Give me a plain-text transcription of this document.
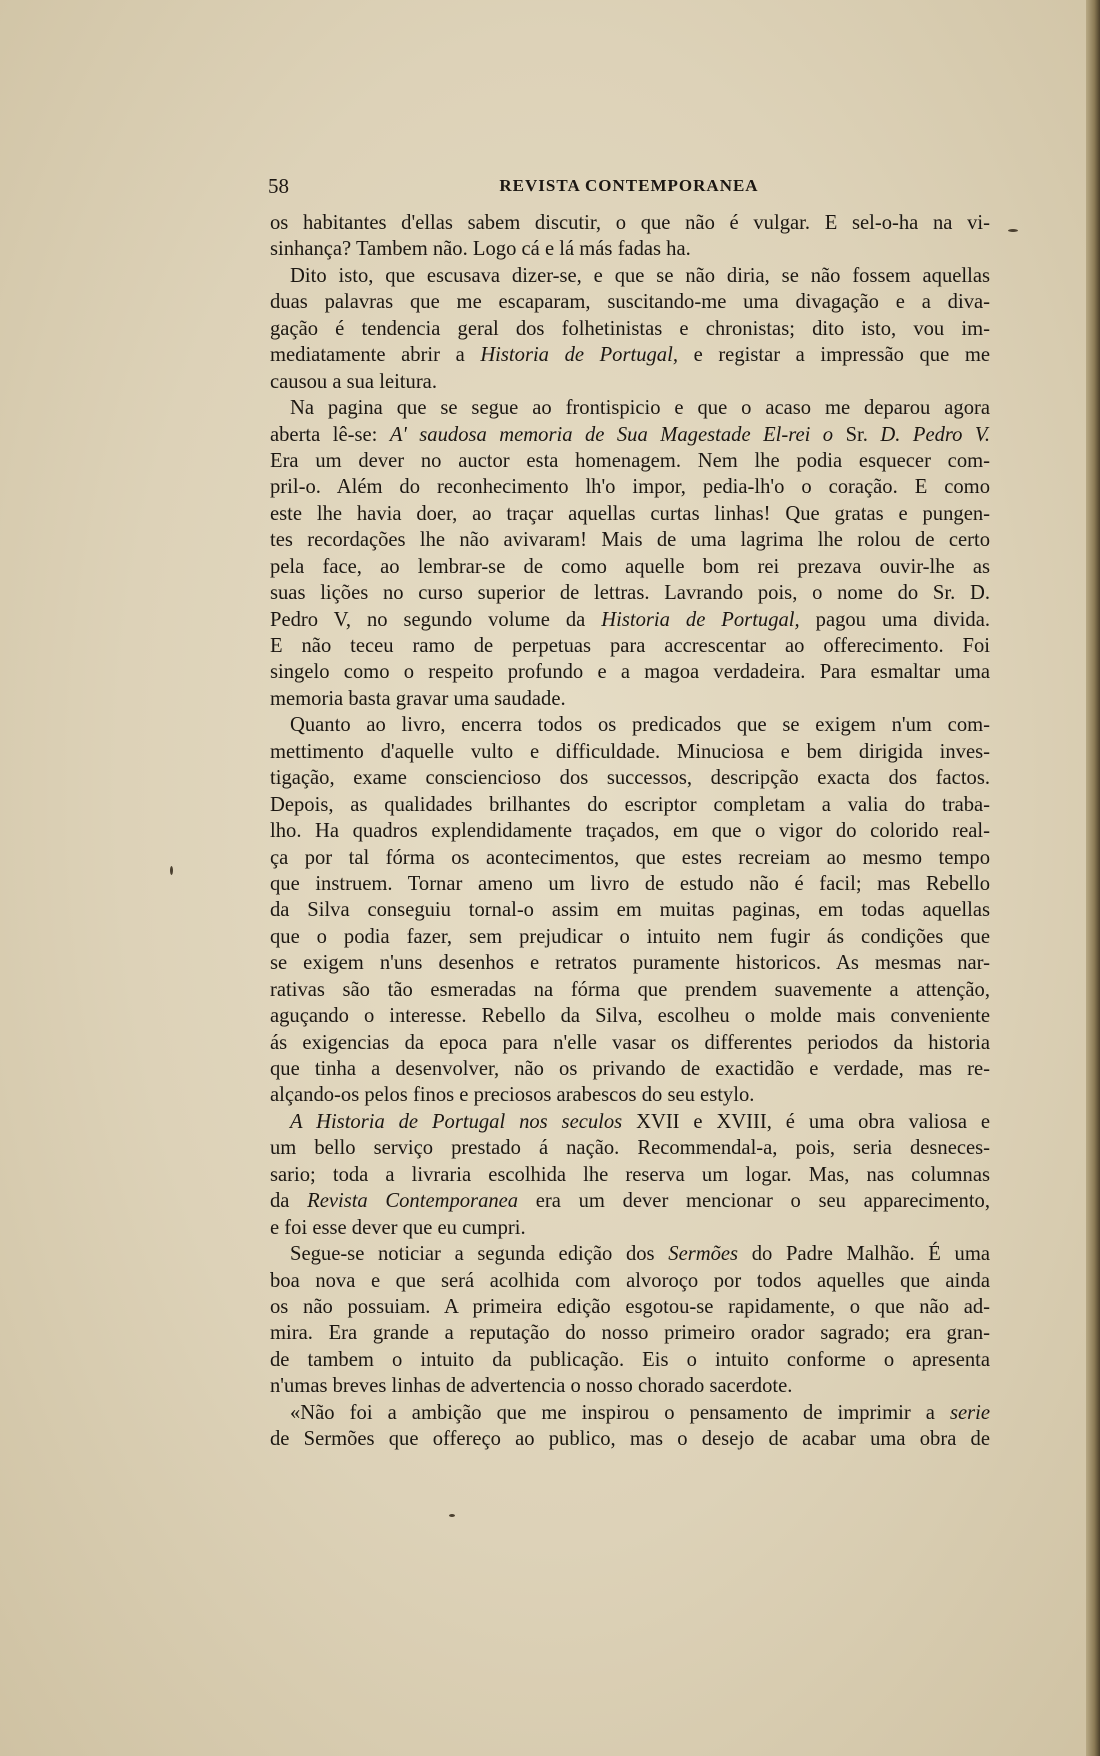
58	REVISTA CONTEMPORANEA
os habitantes d'ellas sabem discutir, o que não é vulgar. E sel-o-ha na vi-
sinhança? Tambem não. Logo cá e lá más fadas ha.
Dito isto, que escusava dizer-se, e que se não diria, se não fossem aquellas
duas palavras que me escaparam, suscitando-me uma divagação e a diva-
gação é tendencia geral dos folhetinistas e chronistas; dito isto, vou im-
mediatamente abrir a Historia de Portugal, e registar a impressão que me
causou a sua leitura.
Na pagina que se segue ao frontispicio e que o acaso me deparou agora
aberta lê-se: A' saudosa memoria de Sua Magestade El-rei o Sr. D. Pedro V.
Era um dever no auctor esta homenagem. Nem lhe podia esquecer com-
pril-o. Além do reconhecimento lh'o impor, pedia-lh'o o coração. E como
este lhe havia doer, ao traçar aquellas curtas linhas! Que gratas e pungen-
tes recordações lhe não avivaram! Mais de uma lagrima lhe rolou de certo
pela face, ao lembrar-se de como aquelle bom rei prezava ouvir-lhe as
suas lições no curso superior de lettras. Lavrando pois, o nome do Sr. D.
Pedro V, no segundo volume da Historia de Portugal, pagou uma divida.
E não teceu ramo de perpetuas para accrescentar ao offerecimento. Foi
singelo como o respeito profundo e a magoa verdadeira. Para esmaltar uma
memoria basta gravar uma saudade.
Quanto ao livro, encerra todos os predicados que se exigem n'um com-
mettimento d'aquelle vulto e difficuldade. Minuciosa e bem dirigida inves-
tigação, exame consciencioso dos successos, descripção exacta dos factos.
Depois, as qualidades brilhantes do escriptor completam a valia do traba-
lho. Ha quadros explendidamente traçados, em que o vigor do colorido real-
ça por tal fórma os acontecimentos, que estes recreiam ao mesmo tempo
que instruem. Tornar ameno um livro de estudo não é facil; mas Rebello
da Silva conseguiu tornal-o assim em muitas paginas, em todas aquellas
que o podia fazer, sem prejudicar o intuito nem fugir ás condições que
se exigem n'uns desenhos e retratos puramente historicos. As mesmas nar-
rativas são tão esmeradas na fórma que prendem suavemente a attenção,
aguçando o interesse. Rebello da Silva, escolheu o molde mais conveniente
ás exigencias da epoca para n'elle vasar os differentes periodos da historia
que tinha a desenvolver, não os privando de exactidão e verdade, mas re-
alçando-os pelos finos e preciosos arabescos do seu estylo.
A Historia de Portugal nos seculos XVII e XVIII, é uma obra valiosa e
um bello serviço prestado á nação. Recommendal-a, pois, seria desneces-
sario; toda a livraria escolhida lhe reserva um logar. Mas, nas columnas
da Revista Contemporanea era um dever mencionar o seu apparecimento,
e foi esse dever que eu cumpri.
Segue-se noticiar a segunda edição dos Sermões do Padre Malhão. É uma
boa nova e que será acolhida com alvoroço por todos aquelles que ainda
os não possuiam. A primeira edição esgotou-se rapidamente, o que não ad-
mira. Era grande a reputação do nosso primeiro orador sagrado; era gran-
de tambem o intuito da publicação. Eis o intuito conforme o apresenta
n'umas breves linhas de advertencia o nosso chorado sacerdote.
«Não foi a ambição que me inspirou o pensamento de imprimir a serie
de Sermões que offereço ao publico, mas o desejo de acabar uma obra de
